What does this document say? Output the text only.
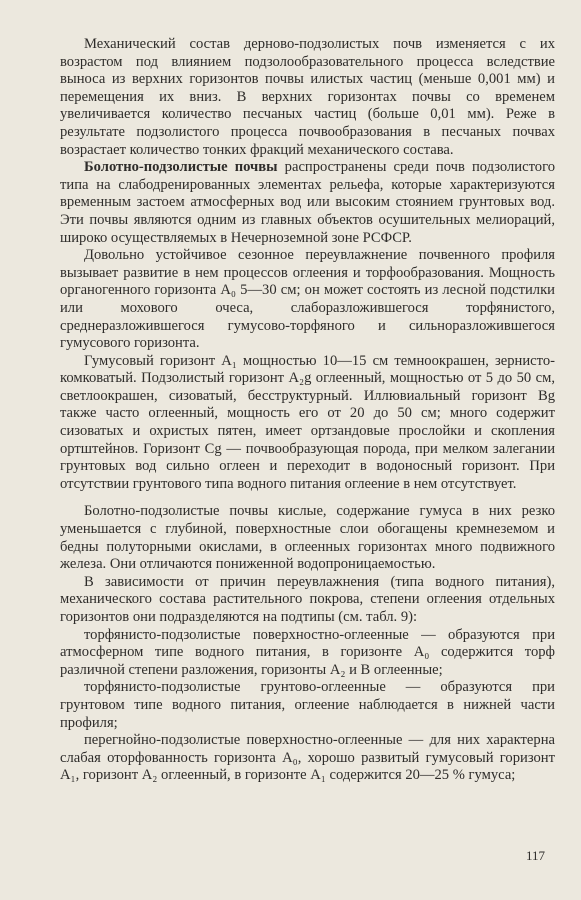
Механический состав дерново-подзолистых почв изменяется с их возрастом под влиянием подзолообразовательного процесса вследствие выноса из верхних горизонтов почвы илистых частиц (меньше 0,001 мм) и перемещения их вниз. В верхних горизонтах почвы со временем увеличивается количество песчаных частиц (больше 0,01 мм). Реже в результате подзолистого процесса почвообразования в песчаных почвах возрастает количество тонких фракций механического состава.

Болотно-подзолистые почвы распространены среди почв подзолистого типа на слабодренированных элементах рельефа, которые характеризуются временным застоем атмосферных вод или высоким стоянием грунтовых вод. Эти почвы являются одним из главных объектов осушительных мелиораций, широко осуществляемых в Нечерноземной зоне РСФСР.

Довольно устойчивое сезонное переувлажнение почвенного профиля вызывает развитие в нем процессов оглеения и торфообразования. Мощность органогенного горизонта A₀ 5—30 см; он может состоять из лесной подстилки или мохового очеса, слаборазложившегося торфянистого, среднеразложившегося гумусово-торфяного и сильноразложившегося гумусового горизонта.

Гумусовый горизонт A₁ мощностью 10—15 см темноокрашен, зернисто-комковатый. Подзолистый горизонт A₂g оглеенный, мощностью от 5 до 50 см, светлоокрашен, сизоватый, бесструктурный. Иллювиальный горизонт Bg также часто оглеенный, мощность его от 20 до 50 см; много содержит сизоватых и охристых пятен, имеет ортзандовые прослойки и скопления ортштейнов. Горизонт Cg — почвообразующая порода, при мелком залегании грунтовых вод сильно оглеен и переходит в водоносный горизонт. При отсутствии грунтового типа водного питания оглеение в нем отсутствует.

Болотно-подзолистые почвы кислые, содержание гумуса в них резко уменьшается с глубиной, поверхностные слои обогащены кремнеземом и бедны полуторными окислами, в оглеенных горизонтах много подвижного железа. Они отличаются пониженной водопроницаемостью.

В зависимости от причин переувлажнения (типа водного питания), механического состава растительного покрова, степени оглеения отдельных горизонтов они подразделяются на подтипы (см. табл. 9):

торфянисто-подзолистые поверхностно-оглеенные — образуются при атмосферном типе водного питания, в горизонте A₀ содержится торф различной степени разложения, горизонты A₂ и B оглеенные;

торфянисто-подзолистые грунтово-оглеенные — образуются при грунтовом типе водного питания, оглеение наблюдается в нижней части профиля;

перегнойно-подзолистые поверхностно-оглеенные — для них характерна слабая оторфованность горизонта A₀, хорошо развитый гумусовый горизонт A₁, горизонт A₂ оглеенный, в горизонте A₁ содержится 20—25 % гумуса;

117
